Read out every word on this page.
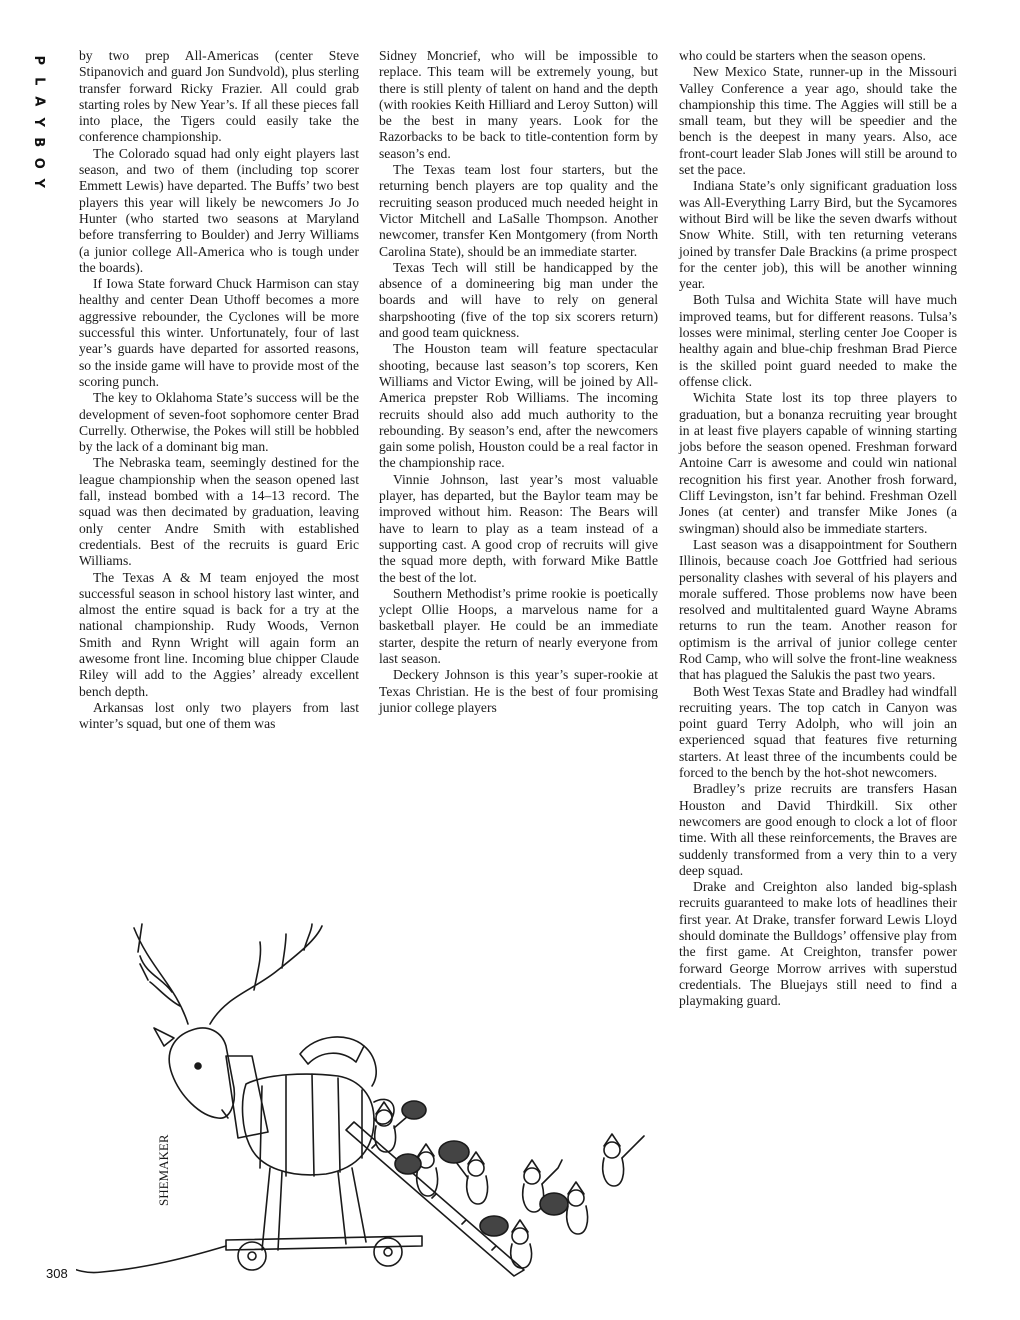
P
L
A
Y
B
O
Y

by two prep All-Americas (center Steve Stipanovich and guard Jon Sundvold), plus sterling transfer forward Ricky Frazier. All could grab starting roles by New Year’s. If all these pieces fall into place, the Tigers could easily take the conference championship.

The Colorado squad had only eight players last season, and two of them (including top scorer Emmett Lewis) have departed. The Buffs’ two best players this year will likely be newcomers Jo Jo Hunter (who started two seasons at Maryland before transferring to Boulder) and Jerry Williams (a junior college All-America who is tough under the boards).

If Iowa State forward Chuck Harmison can stay healthy and center Dean Uthoff becomes a more aggressive rebounder, the Cyclones will be more successful this winter. Unfortunately, four of last year’s guards have departed for assorted reasons, so the inside game will have to provide most of the scoring punch.

The key to Oklahoma State’s success will be the development of seven-foot sophomore center Brad Currelly. Otherwise, the Pokes will still be hobbled by the lack of a dominant big man.

The Nebraska team, seemingly destined for the league championship when the season opened last fall, instead bombed with a 14–13 record. The squad was then decimated by graduation, leaving only center Andre Smith with established credentials. Best of the recruits is guard Eric Williams.

The Texas A & M team enjoyed the most successful season in school history last winter, and almost the entire squad is back for a try at the national championship. Rudy Woods, Vernon Smith and Rynn Wright will again form an awesome front line. Incoming blue chipper Claude Riley will add to the Aggies’ already excellent bench depth.

Arkansas lost only two players from last winter’s squad, but one of them was

Sidney Moncrief, who will be impossible to replace. This team will be extremely young, but there is still plenty of talent on hand and the depth (with rookies Keith Hilliard and Leroy Sutton) will be the best in many years. Look for the Razorbacks to be back to title-contention form by season’s end.

The Texas team lost four starters, but the returning bench players are top quality and the recruiting season produced much needed height in Victor Mitchell and LaSalle Thompson. Another newcomer, transfer Ken Montgomery (from North Carolina State), should be an immediate starter.

Texas Tech will still be handicapped by the absence of a domineering big man under the boards and will have to rely on general sharpshooting (five of the top six scorers return) and good team quickness.

The Houston team will feature spectacular shooting, because last season’s top scorers, Ken Williams and Victor Ewing, will be joined by All-America prepster Rob Williams. The incoming recruits should also add much authority to the rebounding. By season’s end, after the newcomers gain some polish, Houston could be a real factor in the championship race.

Vinnie Johnson, last year’s most valuable player, has departed, but the Baylor team may be improved without him. Reason: The Bears will have to learn to play as a team instead of a supporting cast. A good crop of recruits will give the squad more depth, with forward Mike Battle the best of the lot.

Southern Methodist’s prime rookie is poetically yclept Ollie Hoops, a marvelous name for a basketball player. He could be an immediate starter, despite the return of nearly everyone from last season.

Deckery Johnson is this year’s super-rookie at Texas Christian. He is the best of four promising junior college players

who could be starters when the season opens.

New Mexico State, runner-up in the Missouri Valley Conference a year ago, should take the championship this time. The Aggies will still be a small team, but they will be speedier and the bench is the deepest in many years. Also, ace front-court leader Slab Jones will still be around to set the pace.

Indiana State’s only significant graduation loss was All-Everything Larry Bird, but the Sycamores without Bird will be like the seven dwarfs without Snow White. Still, with ten returning veterans joined by transfer Dale Brackins (a prime prospect for the center job), this will be another winning year.

Both Tulsa and Wichita State will have much improved teams, but for different reasons. Tulsa’s losses were minimal, sterling center Joe Cooper is healthy again and blue-chip freshman Brad Pierce is the skilled point guard needed to make the offense click.

Wichita State lost its top three players to graduation, but a bonanza recruiting year brought in at least five players capable of winning starting jobs before the season opened. Freshman forward Antoine Carr is awesome and could win national recognition his first year. Another frosh forward, Cliff Levingston, isn’t far behind. Freshman Ozell Jones (at center) and transfer Mike Jones (a swingman) should also be immediate starters.

Last season was a disappointment for Southern Illinois, because coach Joe Gottfried had serious personality clashes with several of his players and morale suffered. Those problems now have been resolved and multitalented guard Wayne Abrams returns to run the team. Another reason for optimism is the arrival of junior college center Rod Camp, who will solve the front-line weakness that has plagued the Salukis the past two years.

Both West Texas State and Bradley had windfall recruiting years. The top catch in Canyon was point guard Terry Adolph, who will join an experienced squad that features five returning starters. At least three of the incumbents could be forced to the bench by the hot-shot newcomers.

Bradley’s prize recruits are transfers Hasan Houston and David Thirdkill. Six other newcomers are good enough to clock a lot of floor time. With all these reinforcements, the Braves are suddenly transformed from a very thin to a very deep squad.

Drake and Creighton also landed big-splash recruits guaranteed to make lots of headlines their first year. At Drake, transfer forward Lewis Lloyd should dominate the Bulldogs’ offensive play from the first game. At Creighton, transfer power forward George Morrow arrives with superstud credentials. The Bluejays still need to find a playmaking guard.

SHEMAKER
308
